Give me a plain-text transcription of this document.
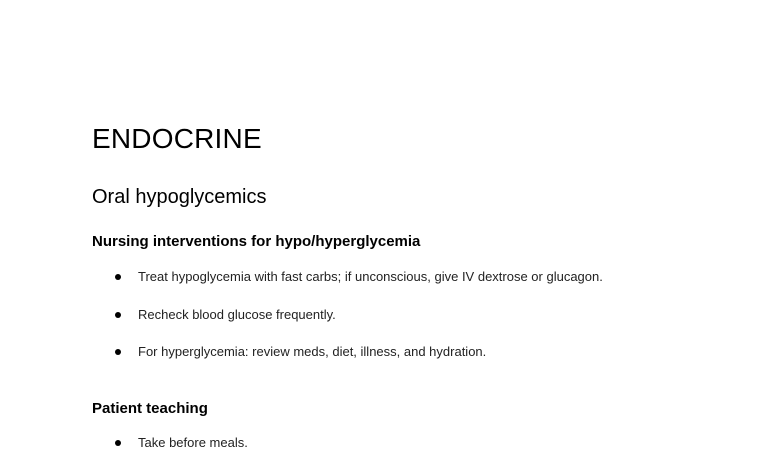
ENDOCRINE
Oral hypoglycemics
Nursing interventions for hypo/hyperglycemia
Treat hypoglycemia with fast carbs; if unconscious, give IV dextrose or glucagon.
Recheck blood glucose frequently.
For hyperglycemia: review meds, diet, illness, and hydration.
Patient teaching
Take before meals.
